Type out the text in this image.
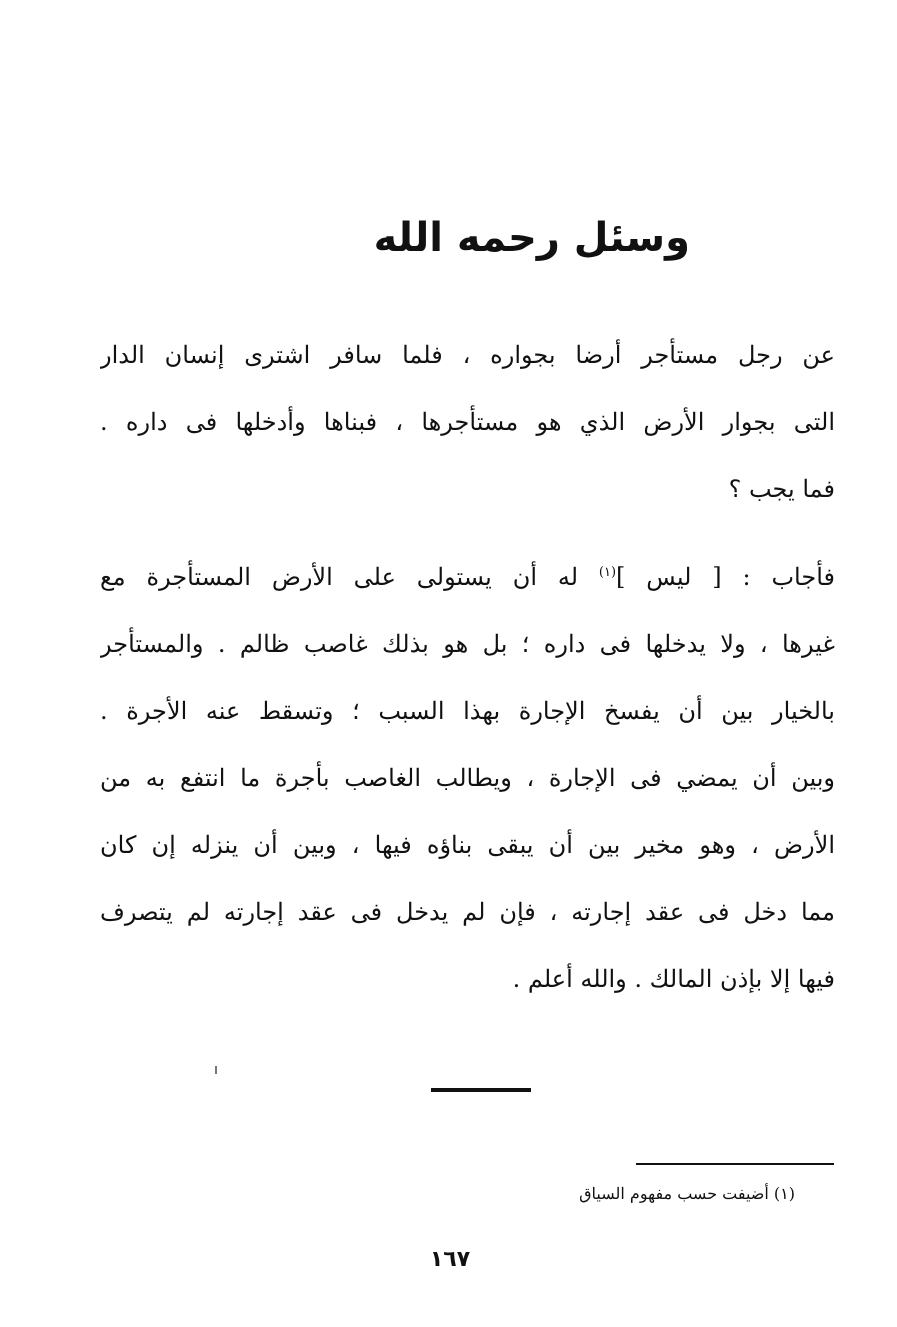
وسئل رحمه الله
عن رجل مستأجر أرضا بجواره ، فلما سافر اشترى إنسان الدار
التى بجوار الأرض الذي هو مستأجرها ، فبناها وأدخلها فى داره .
فما يجب ؟
فأجاب : [ ليس ]$^{(١)}$ له أن يستولى على الأرض المستأجرة مع
غيرها ، ولا يدخلها فى داره ؛ بل هو بذلك غاصب ظالم . والمستأجر
بالخيار بين أن يفسخ الإجارة بهذا السبب ؛ وتسقط عنه الأجرة .
وبين أن يمضي فى الإجارة ، ويطالب الغاصب بأجرة ما انتفع به من
الأرض ، وهو مخير بين أن يبقى بناؤه فيها ، وبين أن ينزله إن كان
مما دخل فى عقد إجارته ، فإن لم يدخل فى عقد إجارته لم يتصرف
فيها إلا بإذن المالك . والله أعلم .
(١) أضيفت حسب مفهوم السياق
١٦٧
